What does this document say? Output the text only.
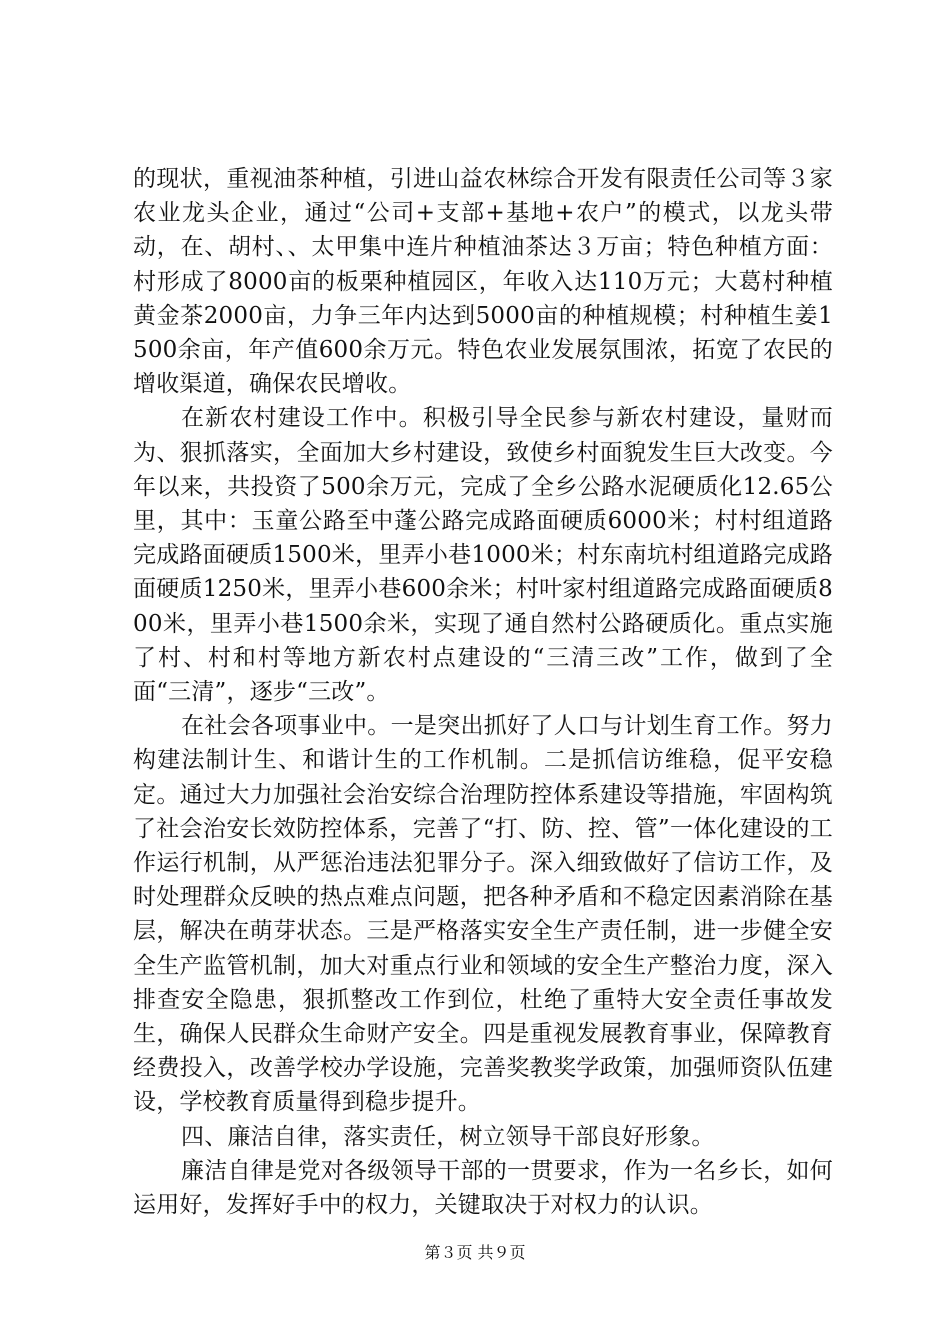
的现状，重视油茶种植，引进山益农林综合开发有限责任公司等３家农业龙头企业，通过“公司+支部+基地+农户”的模式，以龙头带动，在、胡村、、太甲集中连片种植油茶达３万亩；特色种植方面：村形成了8000亩的板栗种植园区，年收入达110万元；大葛村种植黄金茶2000亩，力争三年内达到5000亩的种植规模；村种植生姜1500余亩，年产值600余万元。特色农业发展氛围浓，拓宽了农民的增收渠道，确保农民增收。

在新农村建设工作中。积极引导全民参与新农村建设，量财而为、狠抓落实，全面加大乡村建设，致使乡村面貌发生巨大改变。今年以来，共投资了500余万元，完成了全乡公路水泥硬质化12.65公里，其中：玉童公路至中蓬公路完成路面硬质6000米；村村组道路完成路面硬质1500米，里弄小巷1000米；村东南坑村组道路完成路面硬质1250米，里弄小巷600余米；村叶家村组道路完成路面硬质800米，里弄小巷1500余米，实现了通自然村公路硬质化。重点实施了村、村和村等地方新农村点建设的“三清三改”工作，做到了全面“三清”，逐步“三改”。

在社会各项事业中。一是突出抓好了人口与计划生育工作。努力构建法制计生、和谐计生的工作机制。二是抓信访维稳，促平安稳定。通过大力加强社会治安综合治理防控体系建设等措施，牢固构筑了社会治安长效防控体系，完善了“打、防、控、管”一体化建设的工作运行机制，从严惩治违法犯罪分子。深入细致做好了信访工作，及时处理群众反映的热点难点问题，把各种矛盾和不稳定因素消除在基层，解决在萌芽状态。三是严格落实安全生产责任制，进一步健全安全生产监管机制，加大对重点行业和领域的安全生产整治力度，深入排查安全隐患，狠抓整改工作到位，杜绝了重特大安全责任事故发生，确保人民群众生命财产安全。四是重视发展教育事业，保障教育经费投入，改善学校办学设施，完善奖教奖学政策，加强师资队伍建设，学校教育质量得到稳步提升。

四、廉洁自律，落实责任，树立领导干部良好形象。

廉洁自律是党对各级领导干部的一贯要求，作为一名乡长，如何运用好，发挥好手中的权力，关键取决于对权力的认识。

第３页 共９页
